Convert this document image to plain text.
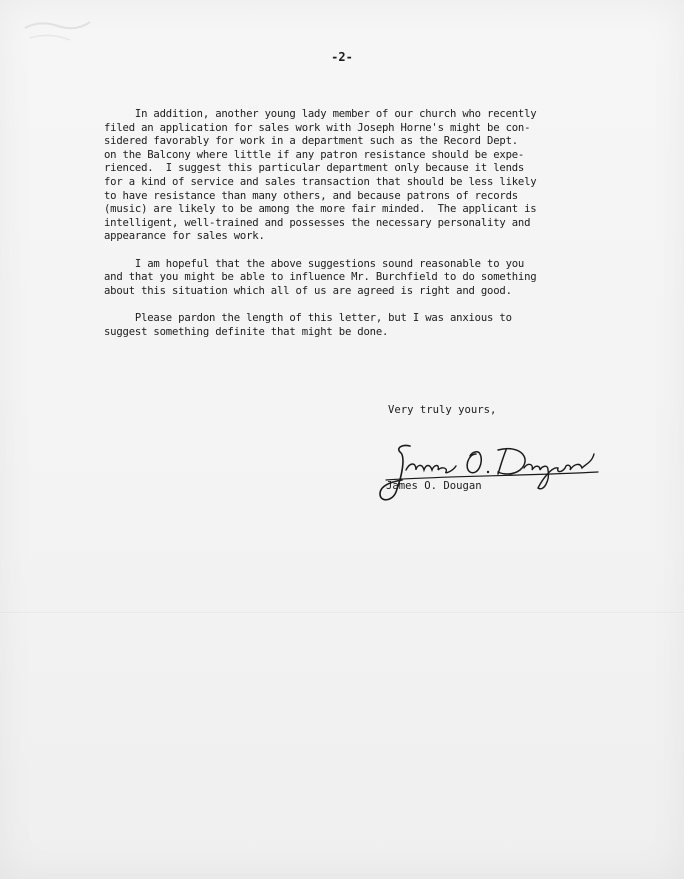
-2-
In addition, another young lady member of our church who recently
filed an application for sales work with Joseph Horne's might be con-
sidered favorably for work in a department such as the Record Dept.
on the Balcony where little if any patron resistance should be expe-
rienced.  I suggest this particular department only because it lends
for a kind of service and sales transaction that should be less likely
to have resistance than many others, and because patrons of records
(music) are likely to be among the more fair minded.  The applicant is
intelligent, well-trained and possesses the necessary personality and
appearance for sales work.
I am hopeful that the above suggestions sound reasonable to you
and that you might be able to influence Mr. Burchfield to do something
about this situation which all of us are agreed is right and good.
Please pardon the length of this letter, but I was anxious to
suggest something definite that might be done.
Very truly yours,
James O. Dougan
